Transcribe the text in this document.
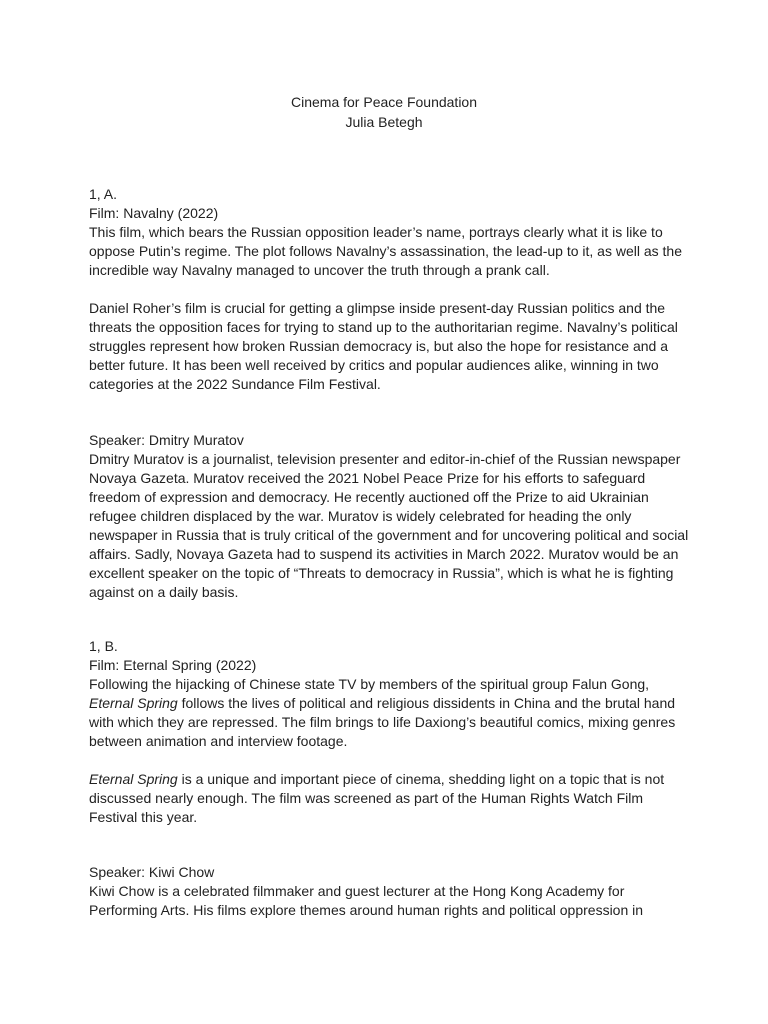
Cinema for Peace Foundation
Julia Betegh

1, A.

Film: Navalny (2022)

This film, which bears the Russian opposition leader’s name, portrays clearly what it is like to oppose Putin’s regime. The plot follows Navalny’s assassination, the lead-up to it, as well as the incredible way Navalny managed to uncover the truth through a prank call.

Daniel Roher’s film is crucial for getting a glimpse inside present-day Russian politics and the threats the opposition faces for trying to stand up to the authoritarian regime. Navalny’s political struggles represent how broken Russian democracy is, but also the hope for resistance and a better future. It has been well received by critics and popular audiences alike, winning in two categories at the 2022 Sundance Film Festival.

Speaker: Dmitry Muratov

Dmitry Muratov is a journalist, television presenter and editor-in-chief of the Russian newspaper Novaya Gazeta. Muratov received the 2021 Nobel Peace Prize for his efforts to safeguard freedom of expression and democracy. He recently auctioned off the Prize to aid Ukrainian refugee children displaced by the war. Muratov is widely celebrated for heading the only newspaper in Russia that is truly critical of the government and for uncovering political and social affairs. Sadly, Novaya Gazeta had to suspend its activities in March 2022. Muratov would be an excellent speaker on the topic of “Threats to democracy in Russia”, which is what he is fighting against on a daily basis.

1, B.

Film: Eternal Spring (2022)

Following the hijacking of Chinese state TV by members of the spiritual group Falun Gong, Eternal Spring follows the lives of political and religious dissidents in China and the brutal hand with which they are repressed. The film brings to life Daxiong’s beautiful comics, mixing genres between animation and interview footage.

Eternal Spring is a unique and important piece of cinema, shedding light on a topic that is not discussed nearly enough. The film was screened as part of the Human Rights Watch Film Festival this year.

Speaker: Kiwi Chow

Kiwi Chow is a celebrated filmmaker and guest lecturer at the Hong Kong Academy for Performing Arts. His films explore themes around human rights and political oppression in
